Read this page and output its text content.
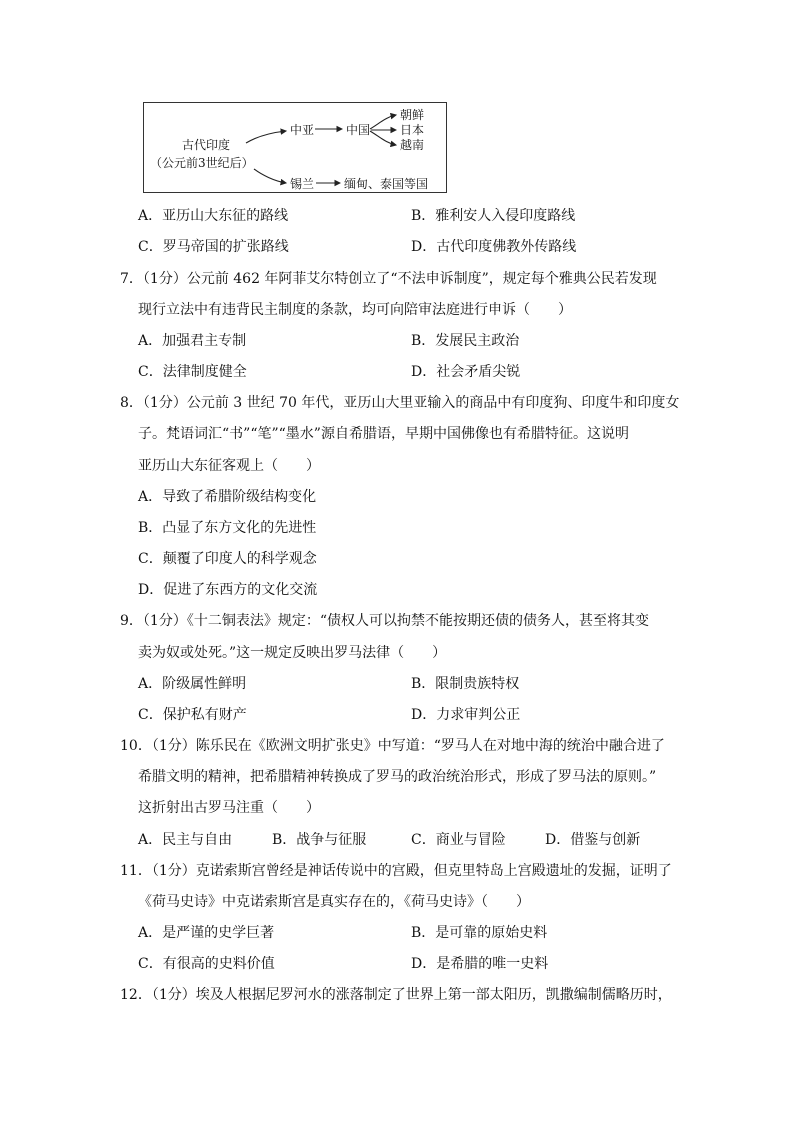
古代印度
（公元前3世纪后）
中亚	中国
朝鲜
日本
越南
锡兰 缅甸、泰国等国
A．亚历山大东征的路线	B．雅利安人入侵印度路线
C．罗马帝国的扩张路线	D．古代印度佛教外传路线
7．（1分）公元前 462 年阿菲艾尔特创立了“不法申诉制度”，规定每个雅典公民若发现
现行立法中有违背民主制度的条款，均可向陪审法庭进行申诉（　　）
A．加强君主专制	B．发展民主政治
C．法律制度健全	D．社会矛盾尖锐
8．（1分）公元前 3 世纪 70 年代，亚历山大里亚输入的商品中有印度狗、印度牛和印度女
子。梵语词汇“书”“笔”“墨水”源自希腊语，早期中国佛像也有希腊特征。这说明
亚历山大东征客观上（　　）
A．导致了希腊阶级结构变化
B．凸显了东方文化的先进性
C．颠覆了印度人的科学观念
D．促进了东西方的文化交流
9．（1分）《十二铜表法》规定：“债权人可以拘禁不能按期还债的债务人，甚至将其变
卖为奴或处死。”这一规定反映出罗马法律（　　）
A．阶级属性鲜明	B．限制贵族特权
C．保护私有财产	D．力求审判公正
10．（1分）陈乐民在《欧洲文明扩张史》中写道：“罗马人在对地中海的统治中融合进了
希腊文明的精神，把希腊精神转换成了罗马的政治统治形式，形成了罗马法的原则。”
这折射出古罗马注重（　　）
A．民主与自由	B．战争与征服	C．商业与冒险	D．借鉴与创新
11．（1分）克诺索斯宫曾经是神话传说中的宫殿，但克里特岛上宫殿遗址的发掘，证明了
《荷马史诗》中克诺索斯宫是真实存在的，《荷马史诗》（　　）
A．是严谨的史学巨著	B．是可靠的原始史料
C．有很高的史料价值	D．是希腊的唯一史料
12．（1分）埃及人根据尼罗河水的涨落制定了世界上第一部太阳历，凯撒编制儒略历时，
